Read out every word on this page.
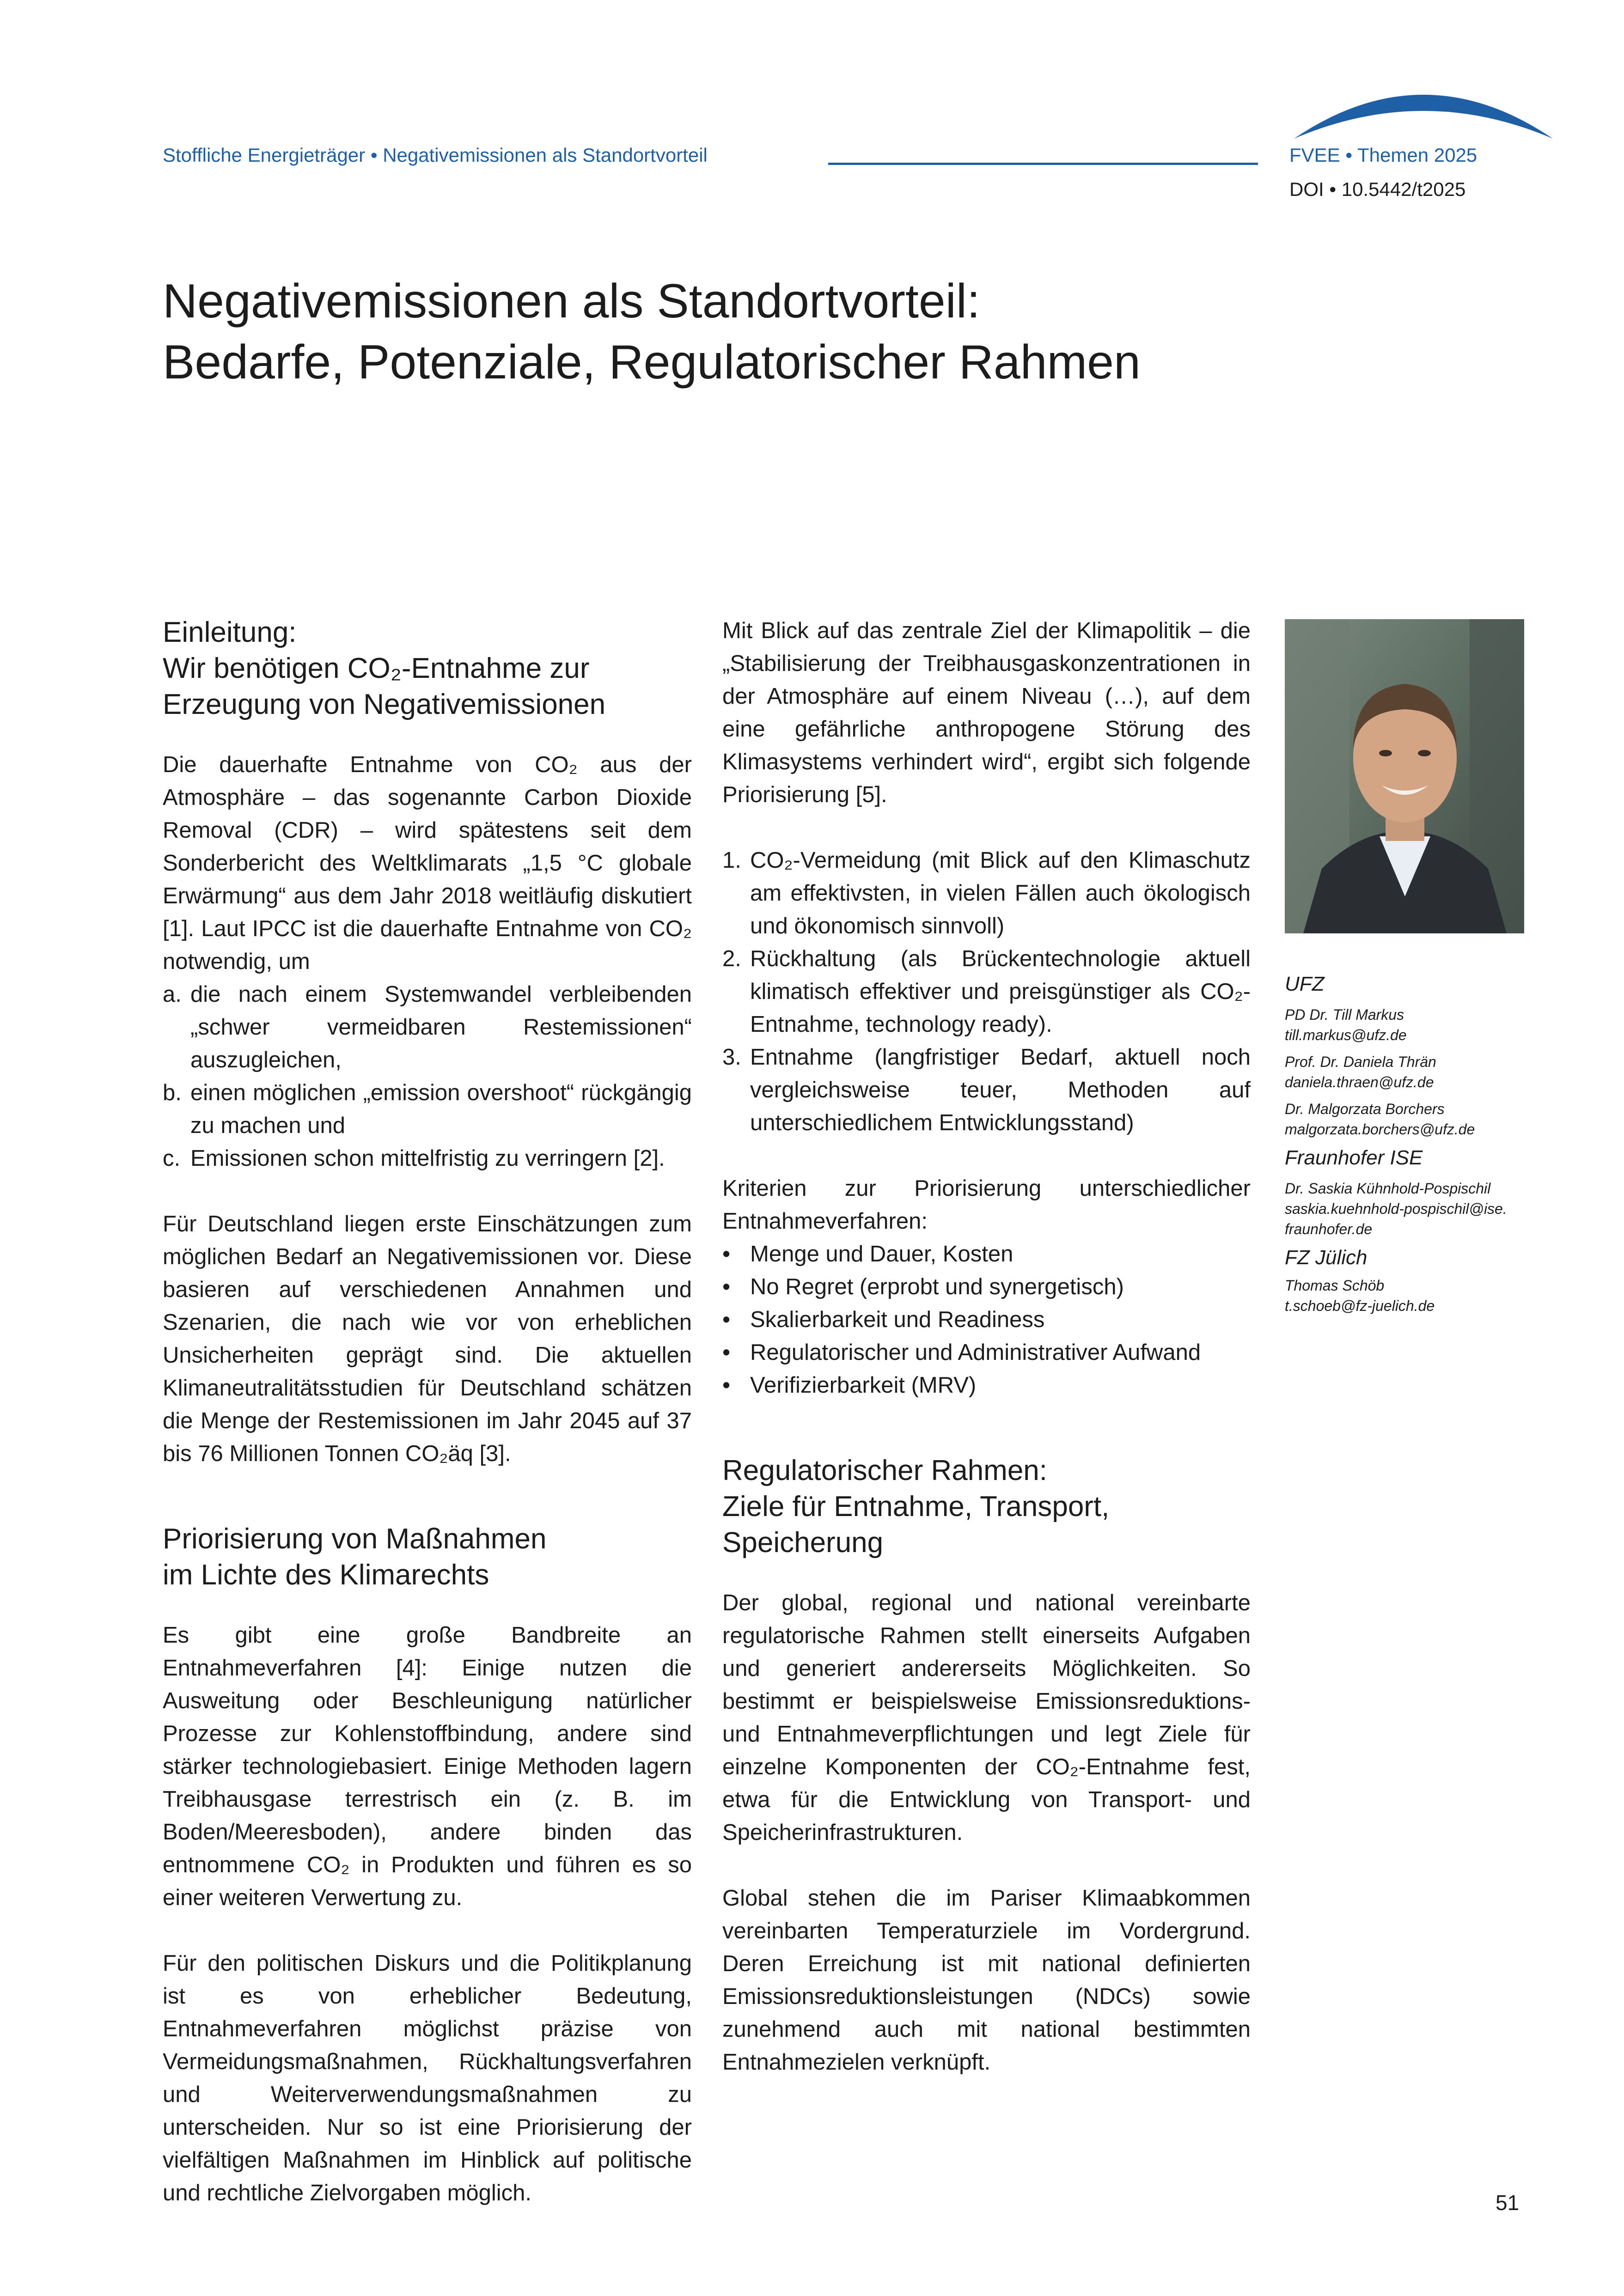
Stoffliche Energieträger • Negativemissionen als Standortvorteil	FVEE • Themen 2025
DOI • 10.5442/t2025
Negativemissionen als Standortvorteil:
Bedarfe, Potenziale, Regulatorischer Rahmen
Einleitung:
Wir benötigen CO₂-Entnahme zur
Erzeugung von Negativemissionen

Die dauerhafte Entnahme von CO₂ aus der Atmosphäre – das sogenannte Carbon Dioxide Removal (CDR) – wird spätestens seit dem Sonderbericht des Weltklimarats „1,5 °C globale Erwärmung“ aus dem Jahr 2018 weitläufig diskutiert [1]. Laut IPCC ist die dauerhafte Entnahme von CO₂ notwendig, um

a. die nach einem Systemwandel verbleibenden „schwer vermeidbaren Restemissionen“ auszugleichen,
b. einen möglichen „emission overshoot“ rückgängig zu machen und
c. Emissionen schon mittelfristig zu verringern [2].

Für Deutschland liegen erste Einschätzungen zum möglichen Bedarf an Negativemissionen vor. Diese basieren auf verschiedenen Annahmen und Szenarien, die nach wie vor von erheblichen Unsicherheiten geprägt sind. Die aktuellen Klimaneutralitätsstudien für Deutschland schätzen die Menge der Restemissionen im Jahr 2045 auf 37 bis 76 Millionen Tonnen CO₂äq [3].

Priorisierung von Maßnahmen
im Lichte des Klimarechts

Es gibt eine große Bandbreite an Entnahmeverfahren [4]: Einige nutzen die Ausweitung oder Beschleunigung natürlicher Prozesse zur Kohlenstoffbindung, andere sind stärker technologiebasiert. Einige Methoden lagern Treibhausgase terrestrisch ein (z. B. im Boden/Meeresboden), andere binden das entnommene CO₂ in Produkten und führen es so einer weiteren Verwertung zu.

Für den politischen Diskurs und die Politikplanung ist es von erheblicher Bedeutung, Entnahmeverfahren möglichst präzise von Vermeidungsmaßnahmen, Rückhaltungsverfahren und Weiterverwendungsmaßnahmen zu unterscheiden. Nur so ist eine Priorisierung der vielfältigen Maßnahmen im Hinblick auf politische und rechtliche Zielvorgaben möglich.

Mit Blick auf das zentrale Ziel der Klimapolitik – die „Stabilisierung der Treibhausgaskonzentrationen in der Atmosphäre auf einem Niveau (…), auf dem eine gefährliche anthropogene Störung des Klimasystems verhindert wird“, ergibt sich folgende Priorisierung [5].

1. CO₂-Vermeidung (mit Blick auf den Klimaschutz am effektivsten, in vielen Fällen auch ökologisch und ökonomisch sinnvoll)
2. Rückhaltung (als Brückentechnologie aktuell klimatisch effektiver und preisgünstiger als CO₂-Entnahme, technology ready).
3. Entnahme (langfristiger Bedarf, aktuell noch vergleichsweise teuer, Methoden auf unterschiedlichem Entwicklungsstand)

Kriterien zur Priorisierung unterschiedlicher Entnahmeverfahren:

• Menge und Dauer, Kosten
• No Regret (erprobt und synergetisch)
• Skalierbarkeit und Readiness
• Regulatorischer und Administrativer Aufwand
• Verifizierbarkeit (MRV)
Regulatorischer Rahmen:
Ziele für Entnahme, Transport,
Speicherung

Der global, regional und national vereinbarte regulatorische Rahmen stellt einerseits Aufgaben und generiert andererseits Möglichkeiten. So bestimmt er beispielsweise Emissionsreduktions- und Entnahmeverpflichtungen und legt Ziele für einzelne Komponenten der CO₂-Entnahme fest, etwa für die Entwicklung von Transport- und Speicherinfrastrukturen.

Global stehen die im Pariser Klimaabkommen vereinbarten Temperaturziele im Vordergrund. Deren Erreichung ist mit national definierten Emissionsreduktionsleistungen (NDCs) sowie zunehmend auch mit national bestimmten Entnahmezielen verknüpft.

UFZ
PD Dr. Till Markus
till.markus@ufz.de
Prof. Dr. Daniela Thrän
daniela.thraen@ufz.de
Dr. Malgorzata Borchers
malgorzata.borchers@ufz.de
Fraunhofer ISE
Dr. Saskia Kühnhold-Pospischil
saskia.kuehnhold-pospischil@ise.
fraunhofer.de
FZ Jülich
Thomas Schöb
t.schoeb@fz-juelich.de
51
